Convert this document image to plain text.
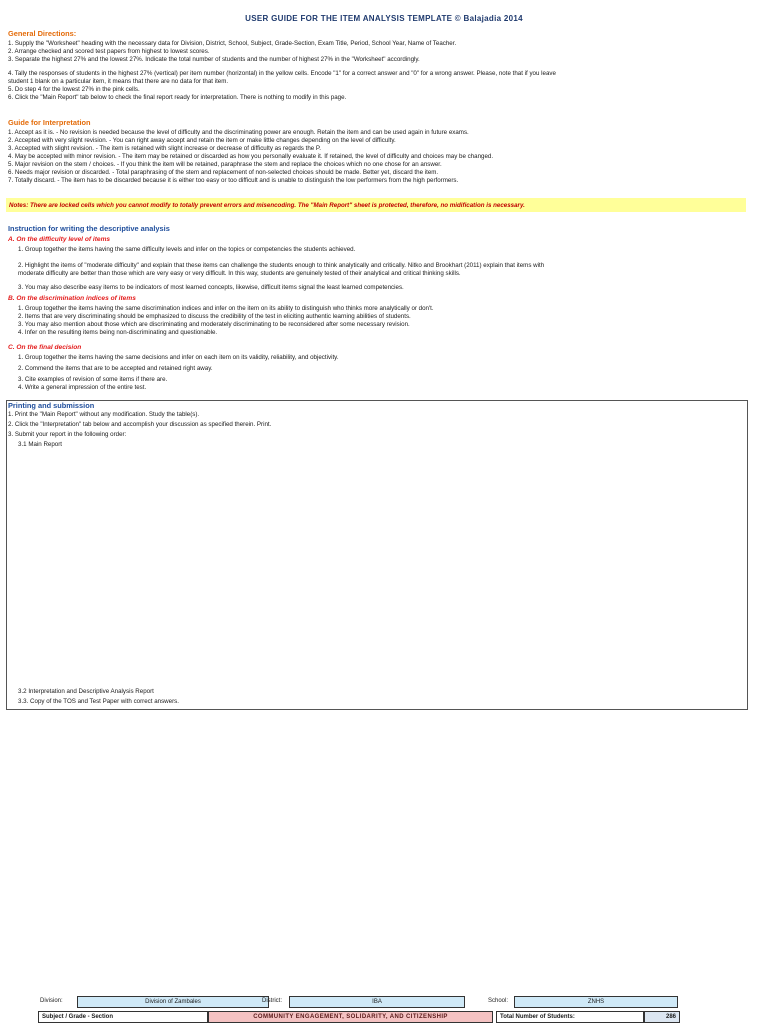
USER GUIDE FOR THE ITEM ANALYSIS TEMPLATE © Balajadia 2014
General Directions:
1. Supply the "Worksheet" heading with the necessary data for Division, District, School, Subject, Grade-Section, Exam Title, Period, School Year, Name of Teacher.
2. Arrange checked and scored test papers from highest to lowest scores.
3. Separate the highest 27% and the lowest 27%. Indicate the total number of students and the number of highest 27% in the "Worksheet" accordingly.
4. Tally the responses of students in the highest 27% (vertical) per item number (horizontal) in the yellow cells. Encode "1" for a correct answer and "0" for a wrong answer. Please, note that if you leave
student 1 blank on a particular item, it means that there are no data for that item.
5. Do step 4 for the lowest 27% in the pink cells.
6. Click the "Main Report" tab below to check the final report ready for interpretation. There is nothing to modify in this page.
Guide for Interpretation
1. Accept as it is. - No revision is needed because the level of difficulty and the discriminating power are enough. Retain the item and can be used again in future exams.
2. Accepted with very slight revision. - You can right away accept and retain the item or make little changes depending on the level of difficulty.
3. Accepted with slight revision. - The item is retained with slight increase or decrease of difficulty as regards the P.
4. May be accepted with minor revision. - The item may be retained or discarded as how you personally evaluate it. If retained, the level of difficulty and choices may be changed.
5. Major revision on the stem / choices. - If you think the item will be retained, paraphrase the stem and replace the choices which no one chose for an answer.
6. Needs major revision or discarded. - Total paraphrasing of the stem and replacement of non-selected choices should be made. Better yet, discard the item.
7. Totally discard. - The item has to be discarded because it is either too easy or too difficult and is unable to distinguish the low performers from the high performers.
Notes: There are locked cells which you cannot modify to totally prevent errors and misencoding. The "Main Report" sheet is protected, therefore, no midification is necessary.
Instruction for writing the descriptive analysis
A. On the difficulty level of items
1. Group together the items having the same difficulty levels and infer on the topics or competencies the students achieved.
2. Highlight the items of "moderate difficulty" and explain that these items can challenge the students enough to think analytically and critically. Nitko and Brookhart (2011) explain that items with
moderate difficulty are better than those which are very easy or very difficult. In this way, students are genuinely tested of their analytical and critical thinking skills.
3. You may also describe easy items to be indicators of most learned concepts, likewise, difficult items signal the least learned competencies.
B. On the discrimination indices of items
1. Group together the items having the same discrimination indices and infer on the item on its ability to distinguish who thinks more analytically or don't.
2. Items that are very discriminating should be emphasized to discuss the credibility of the test in eliciting authentic learning abilities of students.
3. You may also mention about those which are discriminating and moderately discriminating to be reconsidered after some necessary revision.
4. Infer on the resulting items being non-discriminating and questionable.
C. On the final decision
1. Group together the items having the same decisions and infer on each item on its validity, reliability, and objectivity.
2. Commend the items that are to be accepted and retained right away.
3. Cite examples of revision of some items if there are.
4. Write a general impression of the entire test.
Printing and submission
1. Print the "Main Report" without any modification. Study the table(s).
2. Click the "Interpretation" tab below and accomplish your discussion as specified therein. Print.
3. Submit your report in the following order:
3.1 Main Report
3.2 Interpretation and Descriptive Analysis Report
3.3. Copy of the TOS and Test Paper with correct answers.
Division:	Division of Zambales	District:	IBA	School:	ZNHS
Subject / Grade - Section	COMMUNITY ENGAGEMENT, SOLIDARITY, AND CITIZENSHIP	Total Number of Students:	286
